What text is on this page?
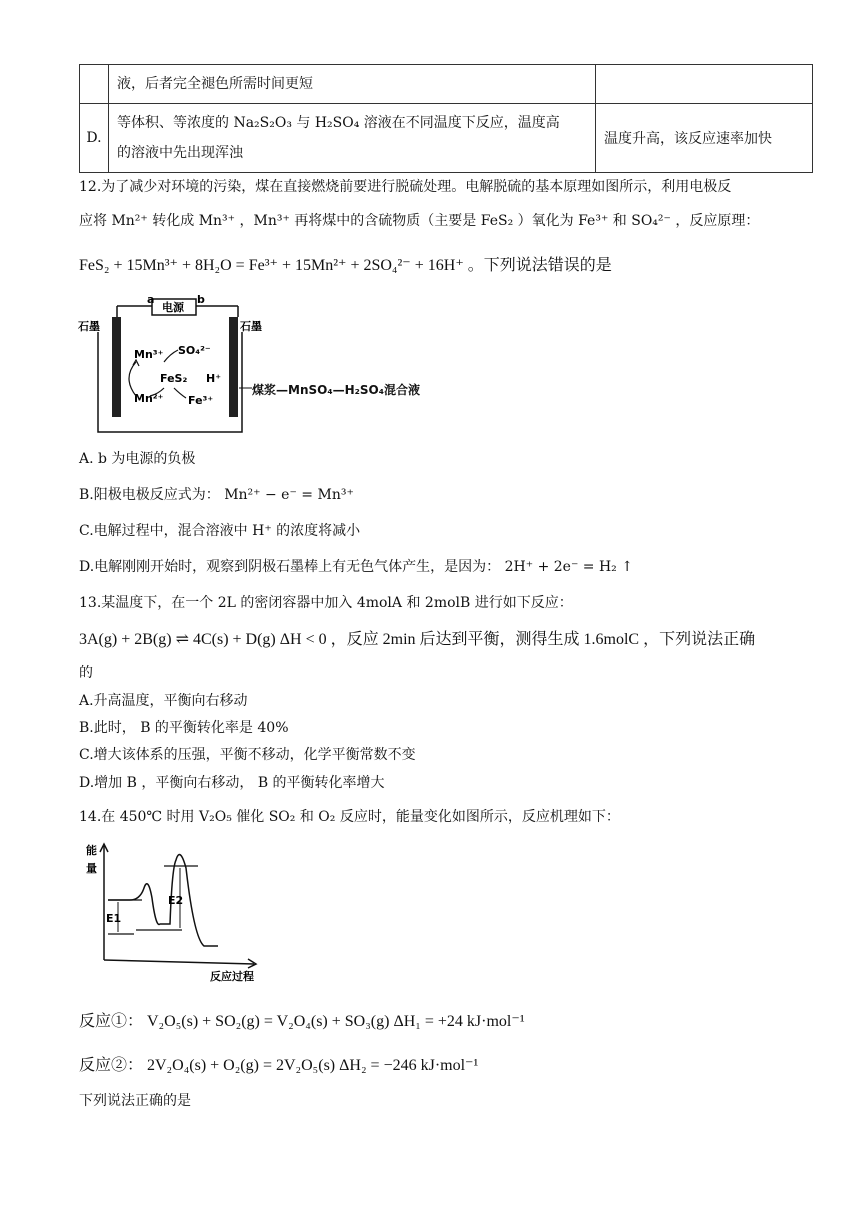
	液，后者完全褪色所需时间更短	
D.	等体积、等浓度的 Na₂S₂O₃ 与 H₂SO₄ 溶液在不同温度下反应，温度高
的溶液中先出现浑浊	温度升高，该反应速率加快
12.为了减少对环境的污染，煤在直接燃烧前要进行脱硫处理。电解脱硫的基本原理如图所示，利用电极反
应将 Mn²⁺ 转化成 Mn³⁺ ，Mn³⁺ 再将煤中的含硫物质（主要是 FeS₂ ）氧化为 Fe³⁺ 和 SO₄²⁻ ，反应原理：
FeS₂ + 15Mn³⁺ + 8H₂O = Fe³⁺ + 15Mn²⁺ + 2SO₄²⁻ + 16H⁺ 。下列说法错误的是
电源
a	b
石墨	石墨
Mn³⁺
Mn²⁺
FeS₂
SO₄²⁻
Fe³⁺
H⁺
煤浆—MnSO₄—H₂SO₄混合液
A. b 为电源的负极
B.阳极电极反应式为： Mn²⁺ − e⁻ = Mn³⁺
C.电解过程中，混合溶液中 H⁺ 的浓度将减小
D.电解刚刚开始时，观察到阴极石墨棒上有无色气体产生，是因为： 2H⁺ + 2e⁻ = H₂ ↑
13.某温度下，在一个 2L 的密闭容器中加入 4molA 和 2molB 进行如下反应：
3A(g) + 2B(g) ⇌ 4C(s) + D(g) ΔH < 0 ，反应 2min 后达到平衡，测得生成 1.6molC ，下列说法正确
的
A.升高温度，平衡向右移动
B.此时， B 的平衡转化率是 40%
C.增大该体系的压强，平衡不移动，化学平衡常数不变
D.增加 B ，平衡向右移动， B 的平衡转化率增大
14.在 450℃ 时用 V₂O₅ 催化 SO₂ 和 O₂ 反应时，能量变化如图所示，反应机理如下：
能
量
E1
E2
反应过程
反应①： V₂O₅(s) + SO₂(g) = V₂O₄(s) + SO₃(g) ΔH₁ = +24 kJ·mol⁻¹
反应②： 2V₂O₄(s) + O₂(g) = 2V₂O₅(s) ΔH₂ = −246 kJ·mol⁻¹
下列说法正确的是
